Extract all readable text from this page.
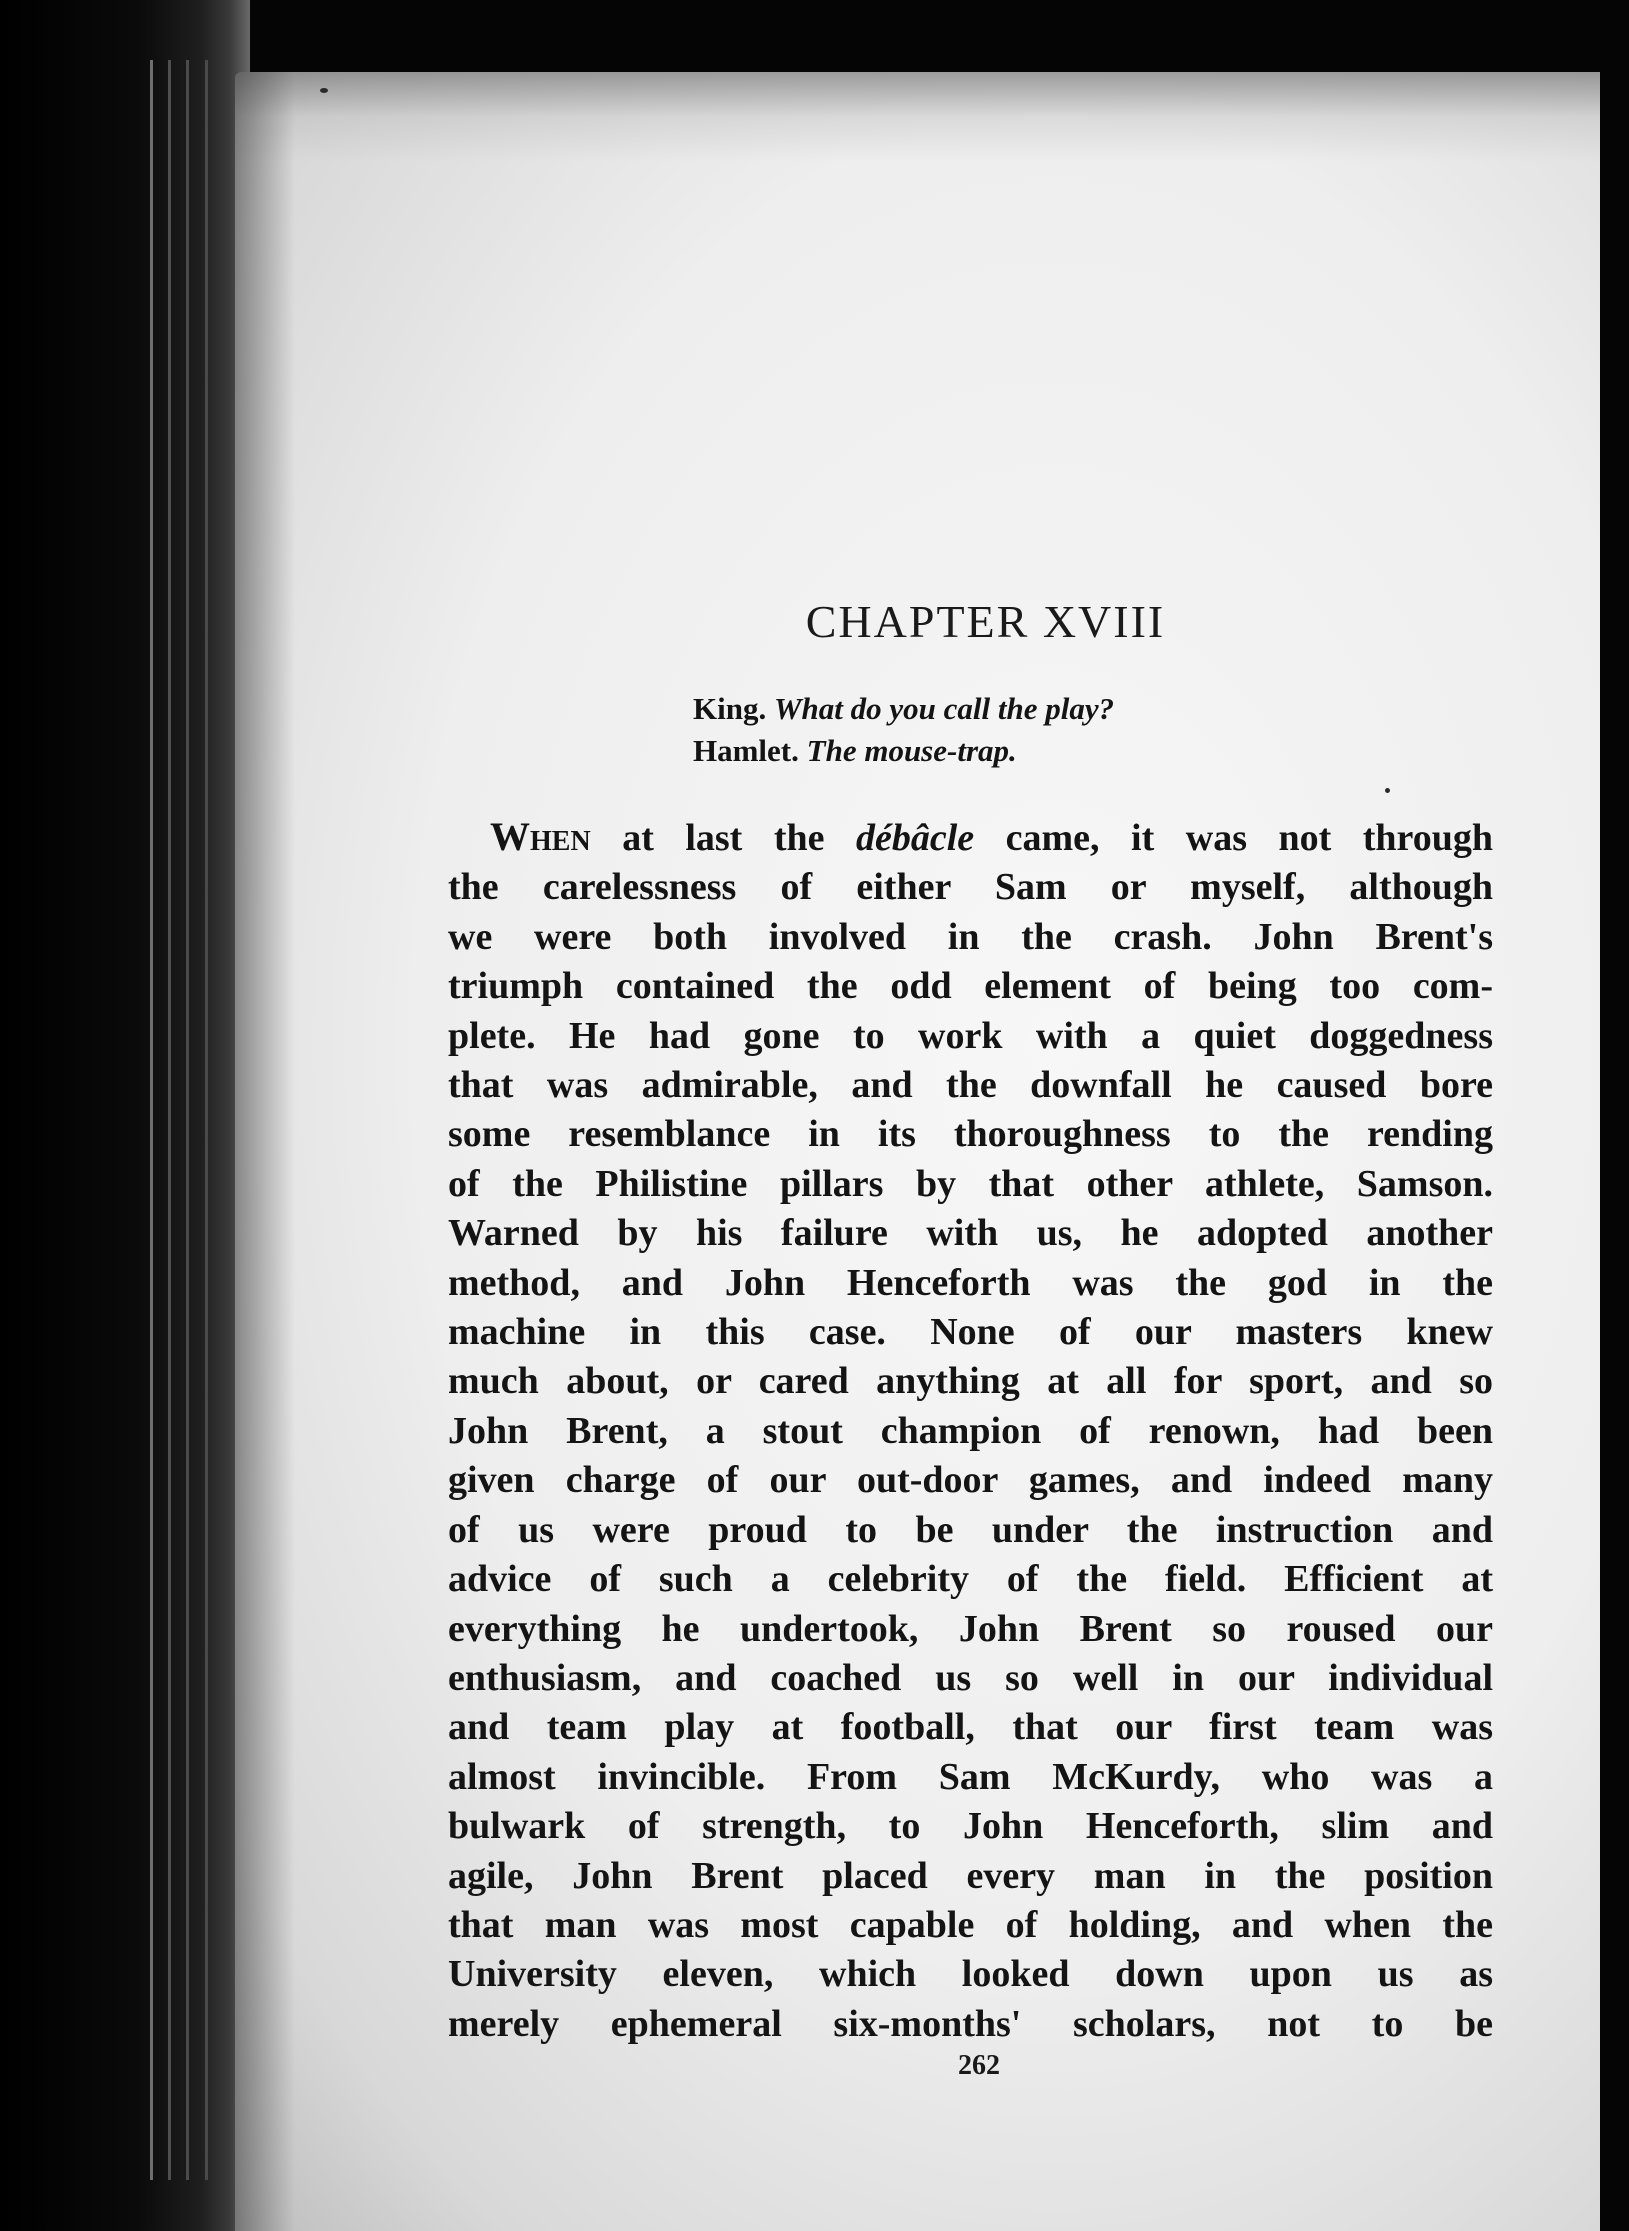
CHAPTER XVIII
King. What do you call the play?
Hamlet. The mouse-trap.
When at last the débâcle came, it was not through
the carelessness of either Sam or myself, although
we were both involved in the crash. John Brent's
triumph contained the odd element of being too com-
plete. He had gone to work with a quiet doggedness
that was admirable, and the downfall he caused bore
some resemblance in its thoroughness to the rending
of the Philistine pillars by that other athlete, Samson.
Warned by his failure with us, he adopted another
method, and John Henceforth was the god in the
machine in this case. None of our masters knew
much about, or cared anything at all for sport, and so
John Brent, a stout champion of renown, had been
given charge of our out-door games, and indeed many
of us were proud to be under the instruction and
advice of such a celebrity of the field. Efficient at
everything he undertook, John Brent so roused our
enthusiasm, and coached us so well in our individual
and team play at football, that our first team was
almost invincible. From Sam McKurdy, who was a
bulwark of strength, to John Henceforth, slim and
agile, John Brent placed every man in the position
that man was most capable of holding, and when the
University eleven, which looked down upon us as
merely ephemeral six-months' scholars, not to be
262
